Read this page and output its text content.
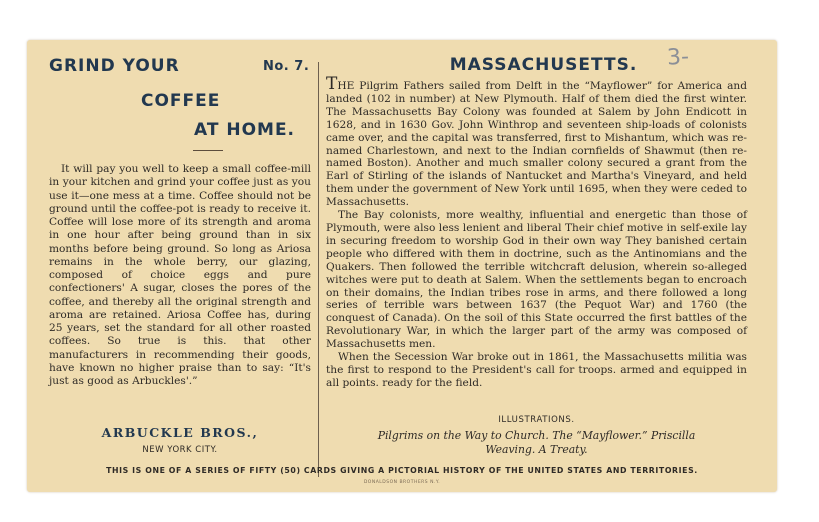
GRIND YOUR	No. 7.
COFFEE
AT HOME.

It will pay you well to keep a small coffee-mill in your kitchen and grind your coffee just as you use it—one mess at a time. Coffee should not be ground until the coffee-pot is ready to receive it. Coffee will lose more of its strength and aroma in one hour after being ground than in six months before being ground. So long as Ariosa remains in the whole berry, our glazing, composed of choice eggs and pure confectioners' A sugar, closes the pores of the coffee, and thereby all the original strength and aroma are retained. Ariosa Coffee has, during 25 years, set the standard for all other roasted coffees. So true is this. that other manufacturers in recommending their goods, have known no higher praise than to say: “It's just as good as Arbuckles'.”

ARBUCKLE BROS.,
NEW YORK CITY.
MASSACHUSETTS.	3-

THE Pilgrim Fathers sailed from Delft in the “Mayflower” for America and landed (102 in number) at New Plymouth. Half of them died the first winter. The Massachusetts Bay Colony was founded at Salem by John Endicott in 1628, and in 1630 Gov. John Winthrop and seventeen ship-loads of colonists came over, and the capital was transferred, first to Mishantum, which was re-named Charlestown, and next to the Indian cornfields of Shawmut (then re-named Boston). Another and much smaller colony secured a grant from the Earl of Stirling of the islands of Nantucket and Martha's Vineyard, and held them under the government of New York until 1695, when they were ceded to Massachusetts.

The Bay colonists, more wealthy, influential and energetic than those of Plymouth, were also less lenient and liberal Their chief motive in self-exile lay in securing freedom to worship God in their own way They banished certain people who differed with them in doctrine, such as the Antinomians and the Quakers. Then followed the terrible witchcraft delusion, wherein so-alleged witches were put to death at Salem. When the settlements began to encroach on their domains, the Indian tribes rose in arms, and there followed a long series of terrible wars between 1637 (the Pequot War) and 1760 (the conquest of Canada). On the soil of this State occurred the first battles of the Revolutionary War, in which the larger part of the army was composed of Massachusetts men.

When the Secession War broke out in 1861, the Massachusetts militia was the first to respond to the President's call for troops. armed and equipped in all points. ready for the field.

ILLUSTRATIONS.
Pilgrims on the Way to Church. The “Mayflower.” Priscilla
Weaving. A Treaty.
THIS IS ONE OF A SERIES OF FIFTY (50) CARDS GIVING A PICTORIAL HISTORY OF THE UNITED STATES AND TERRITORIES.
DONALDSON BROTHERS N.Y.
